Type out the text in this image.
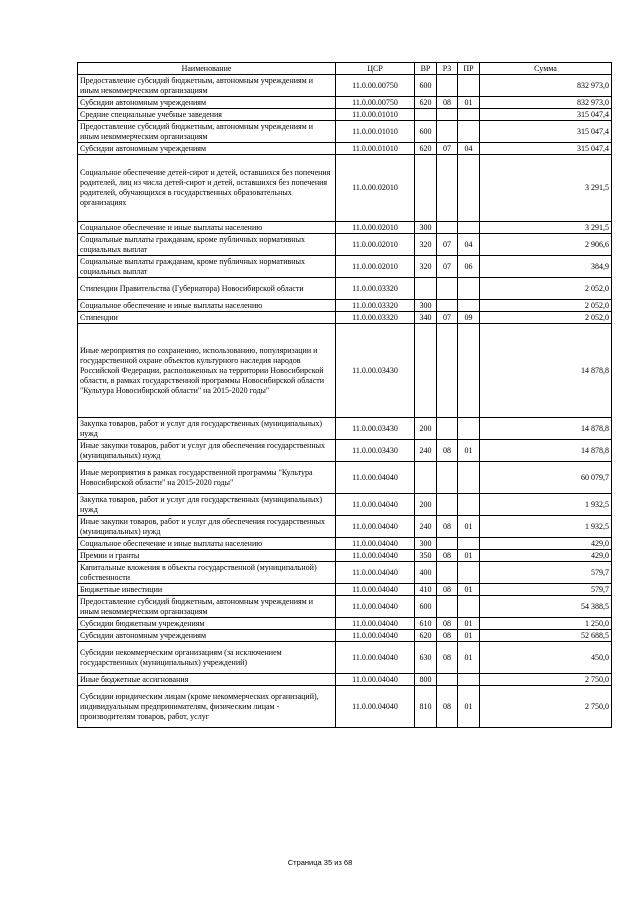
Наименование	ЦСР	ВР	РЗ	ПР	Сумма
Предоставление субсидий бюджетным, автономным учреждениям и иным некоммерческим организациям	11.0.00.00750	600			832 973,0
Субсидии автономным учреждениям	11.0.00.00750	620	08	01	832 973,0
Средние специальные учебные заведения	11.0.00.01010				315 047,4
Предоставление субсидий бюджетным, автономным учреждениям и иным некоммерческим организациям	11.0.00.01010	600			315 047,4
Субсидии автономным учреждениям	11.0.00.01010	620	07	04	315 047,4
Социальное обеспечение детей-сирот и детей, оставшихся без попечения родителей, лиц из числа детей-сирот и детей, оставшихся без попечения родителей, обучающихся в государственных образовательных организациях	11.0.00.02010				3 291,5
Социальное обеспечение и иные выплаты населению	11.0.00.02010	300			3 291,5
Социальные выплаты гражданам, кроме публичных нормативных социальных выплат	11.0.00.02010	320	07	04	2 906,6
Социальные выплаты гражданам, кроме публичных нормативных социальных выплат	11.0.00.02010	320	07	06	384,9
Стипендии Правительства (Губернатора) Новосибирской области	11.0.00.03320				2 052,0
Социальное обеспечение и иные выплаты населению	11.0.00.03320	300			2 052,0
Стипендии	11.0.00.03320	340	07	09	2 052,0
Иные мероприятия по сохранению, использованию, популяризации и государственной охране объектов культурного наследия народов Российской Федерации, расположенных на территории Новосибирской области, в рамках государственной программы Новосибирской области "Культура Новосибирской области" на 2015-2020 годы"	11.0.00.03430				14 878,8
Закупка товаров, работ и услуг для государственных (муниципальных) нужд	11.0.00.03430	200			14 878,8
Иные закупки товаров, работ и услуг для обеспечения государственных (муниципальных) нужд	11.0.00.03430	240	08	01	14 878,8
Иные мероприятия в рамках государственной программы "Культура Новосибирской области" на 2015-2020 годы"	11.0.00.04040				60 079,7
Закупка товаров, работ и услуг для государственных (муниципальных) нужд	11.0.00.04040	200			1 932,5
Иные закупки товаров, работ и услуг для обеспечения государственных (муниципальных) нужд	11.0.00.04040	240	08	01	1 932,5
Социальное обеспечение и иные выплаты населению	11.0.00.04040	300			429,0
Премии и гранты	11.0.00.04040	350	08	01	429,0
Капитальные вложения в объекты государственной (муниципальной) собственности	11.0.00.04040	400			579,7
Бюджетные инвестиции	11.0.00.04040	410	08	01	579,7
Предоставление субсидий бюджетным, автономным учреждениям и иным некоммерческим организациям	11.0.00.04040	600			54 388,5
Субсидии бюджетным учреждениям	11.0.00.04040	610	08	01	1 250,0
Субсидии автономным учреждениям	11.0.00.04040	620	08	01	52 688,5
Субсидии некоммерческим организациям (за исключением государственных (муниципальных) учреждений)	11.0.00.04040	630	08	01	450,0
Иные бюджетные ассигнования	11.0.00.04040	800			2 750,0
Субсидии юридическим лицам (кроме некоммерческих организаций), индивидуальным предпринимателям, физическим лицам - производителям товаров, работ, услуг	11.0.00.04040	810	08	01	2 750,0
Страница 35 из 68
